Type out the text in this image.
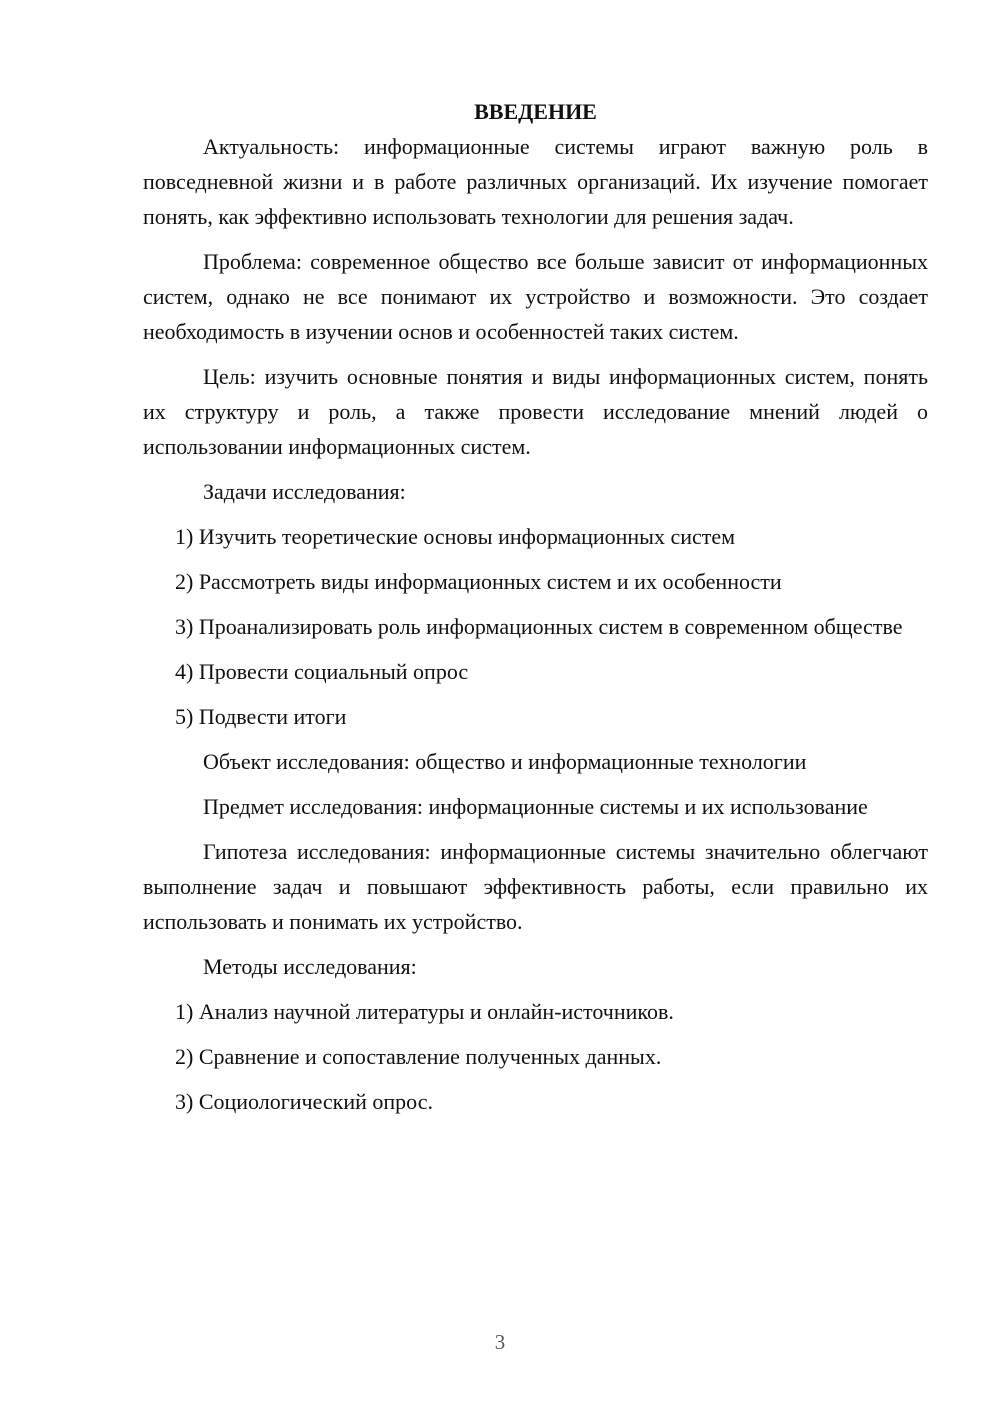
ВВЕДЕНИЕ

Актуальность: информационные системы играют важную роль в повседневной жизни и в работе различных организаций. Их изучение помогает понять, как эффективно использовать технологии для решения задач.

Проблема: современное общество все больше зависит от информационных систем, однако не все понимают их устройство и возможности. Это создает необходимость в изучении основ и особенностей таких систем.

Цель: изучить основные понятия и виды информационных систем, понять их структуру и роль, а также провести исследование мнений людей о использовании информационных систем.

Задачи исследования:

1) Изучить теоретические основы информационных систем

2) Рассмотреть виды информационных систем и их особенности

3) Проанализировать роль информационных систем в современном обществе

4) Провести социальный опрос

5) Подвести итоги

Объект исследования: общество и информационные технологии

Предмет исследования: информационные системы и их использование

Гипотеза исследования: информационные системы значительно облегчают выполнение задач и повышают эффективность работы, если правильно их использовать и понимать их устройство.

Методы исследования:

1) Анализ научной литературы и онлайн-источников.

2) Сравнение и сопоставление полученных данных.

3) Социологический опрос.

3
